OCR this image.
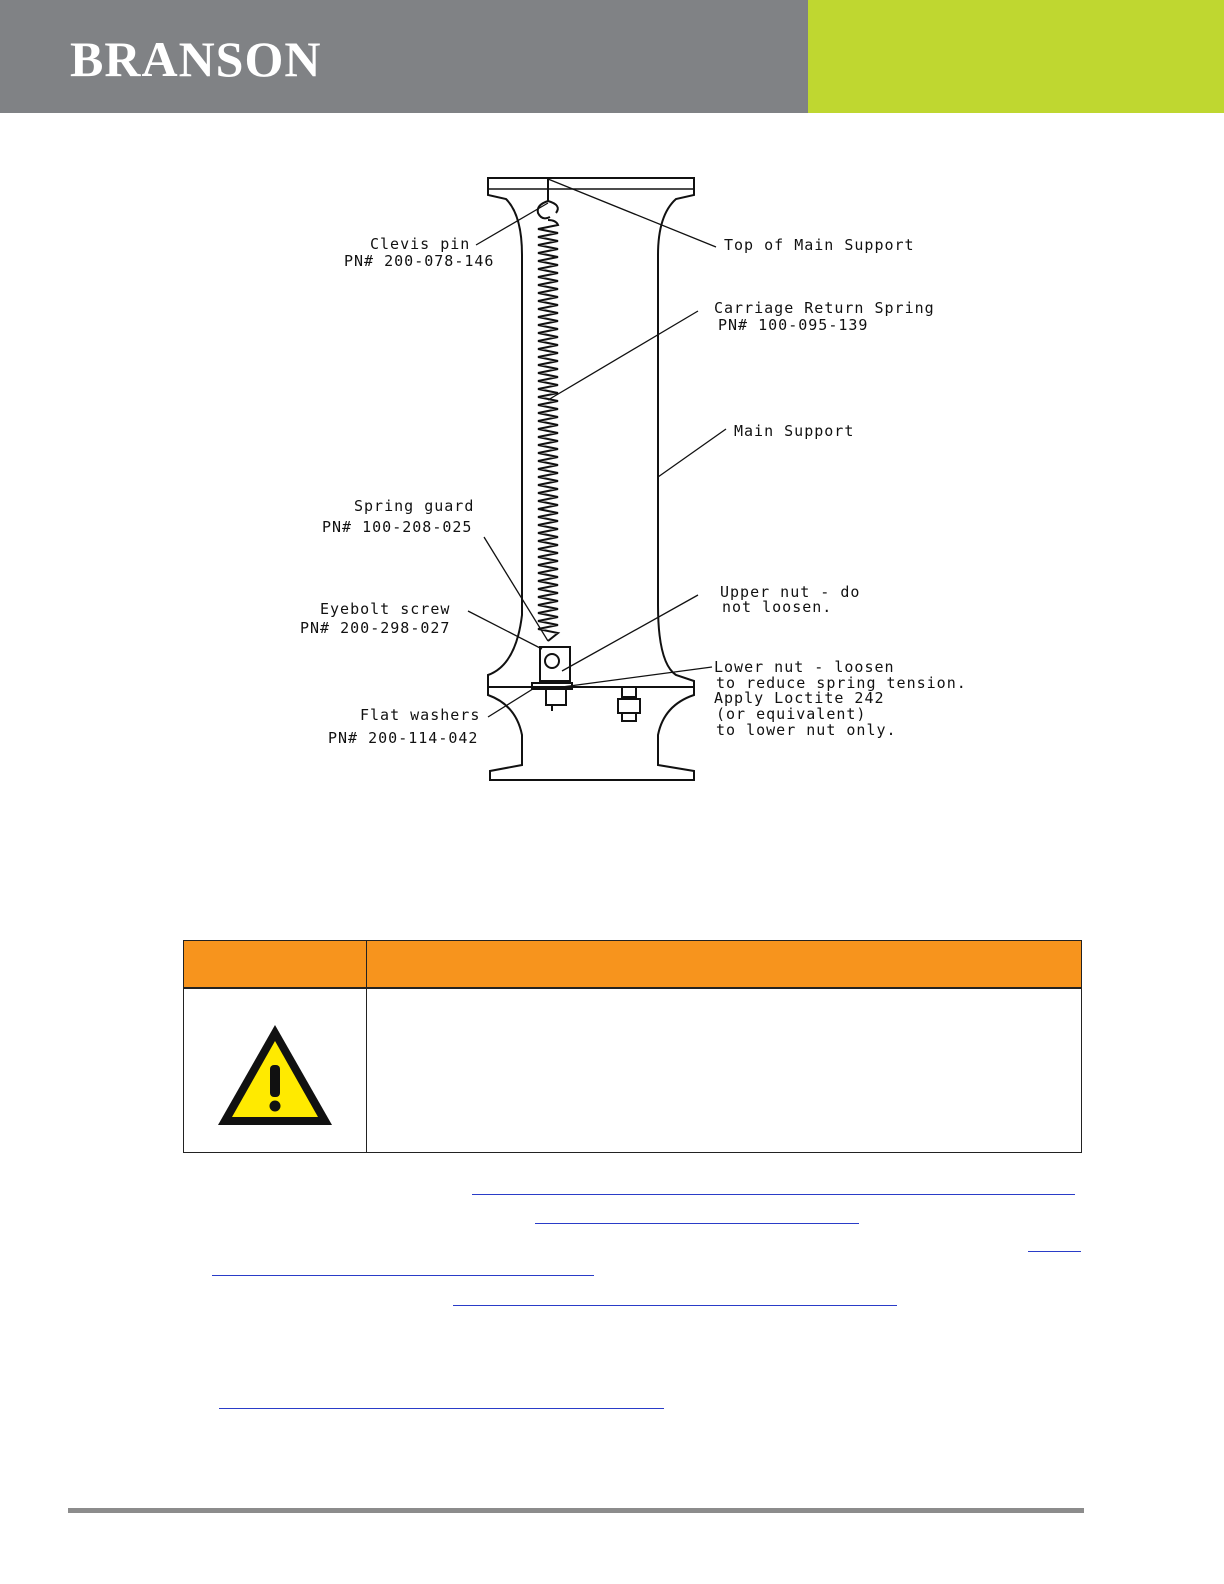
BRANSON
Clevis pin
PN# 200-078-146
Top of Main Support
Carriage Return Spring
PN# 100-095-139
Main Support
Spring guard
PN# 100-208-025
Upper nut - do
not loosen.
Eyebolt screw
PN# 200-298-027
Lower nut - loosen
to reduce spring tension.
Apply Loctite 242
(or equivalent)
to lower nut only.
Flat washers
PN# 200-114-042
